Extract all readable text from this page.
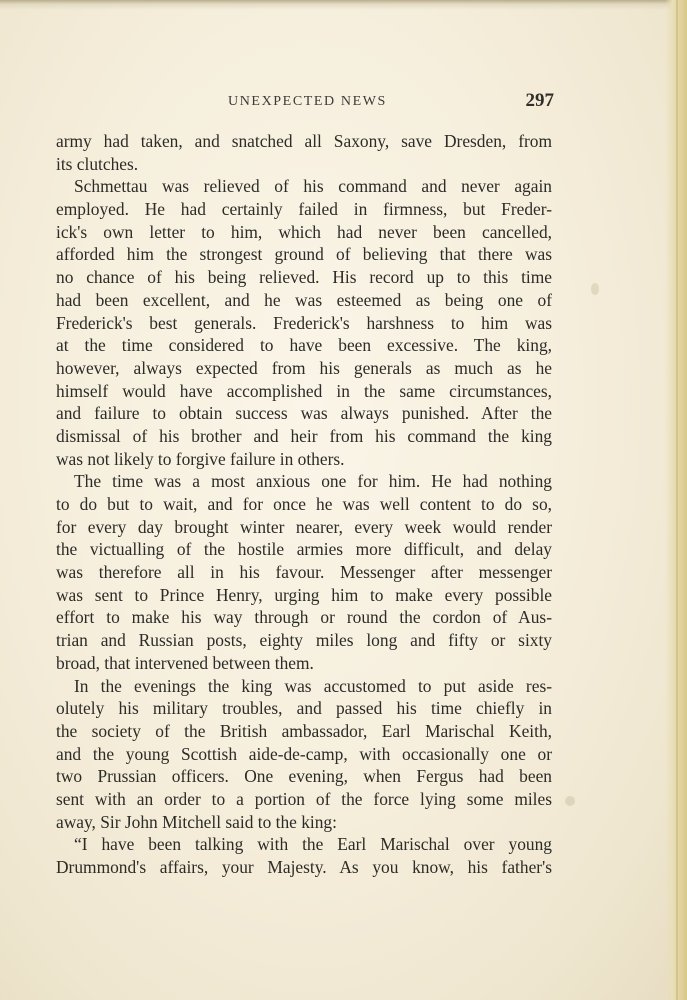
UNEXPECTED NEWS	297
army had taken, and snatched all Saxony, save Dresden, from
its clutches.
Schmettau was relieved of his command and never again
employed. He had certainly failed in firmness, but Freder-
ick's own letter to him, which had never been cancelled,
afforded him the strongest ground of believing that there was
no chance of his being relieved. His record up to this time
had been excellent, and he was esteemed as being one of
Frederick's best generals. Frederick's harshness to him was
at the time considered to have been excessive. The king,
however, always expected from his generals as much as he
himself would have accomplished in the same circumstances,
and failure to obtain success was always punished. After the
dismissal of his brother and heir from his command the king
was not likely to forgive failure in others.
The time was a most anxious one for him. He had nothing
to do but to wait, and for once he was well content to do so,
for every day brought winter nearer, every week would render
the victualling of the hostile armies more difficult, and delay
was therefore all in his favour. Messenger after messenger
was sent to Prince Henry, urging him to make every possible
effort to make his way through or round the cordon of Aus-
trian and Russian posts, eighty miles long and fifty or sixty
broad, that intervened between them.
In the evenings the king was accustomed to put aside res-
olutely his military troubles, and passed his time chiefly in
the society of the British ambassador, Earl Marischal Keith,
and the young Scottish aide-de-camp, with occasionally one or
two Prussian officers. One evening, when Fergus had been
sent with an order to a portion of the force lying some miles
away, Sir John Mitchell said to the king:
“I have been talking with the Earl Marischal over young
Drummond's affairs, your Majesty. As you know, his father's
